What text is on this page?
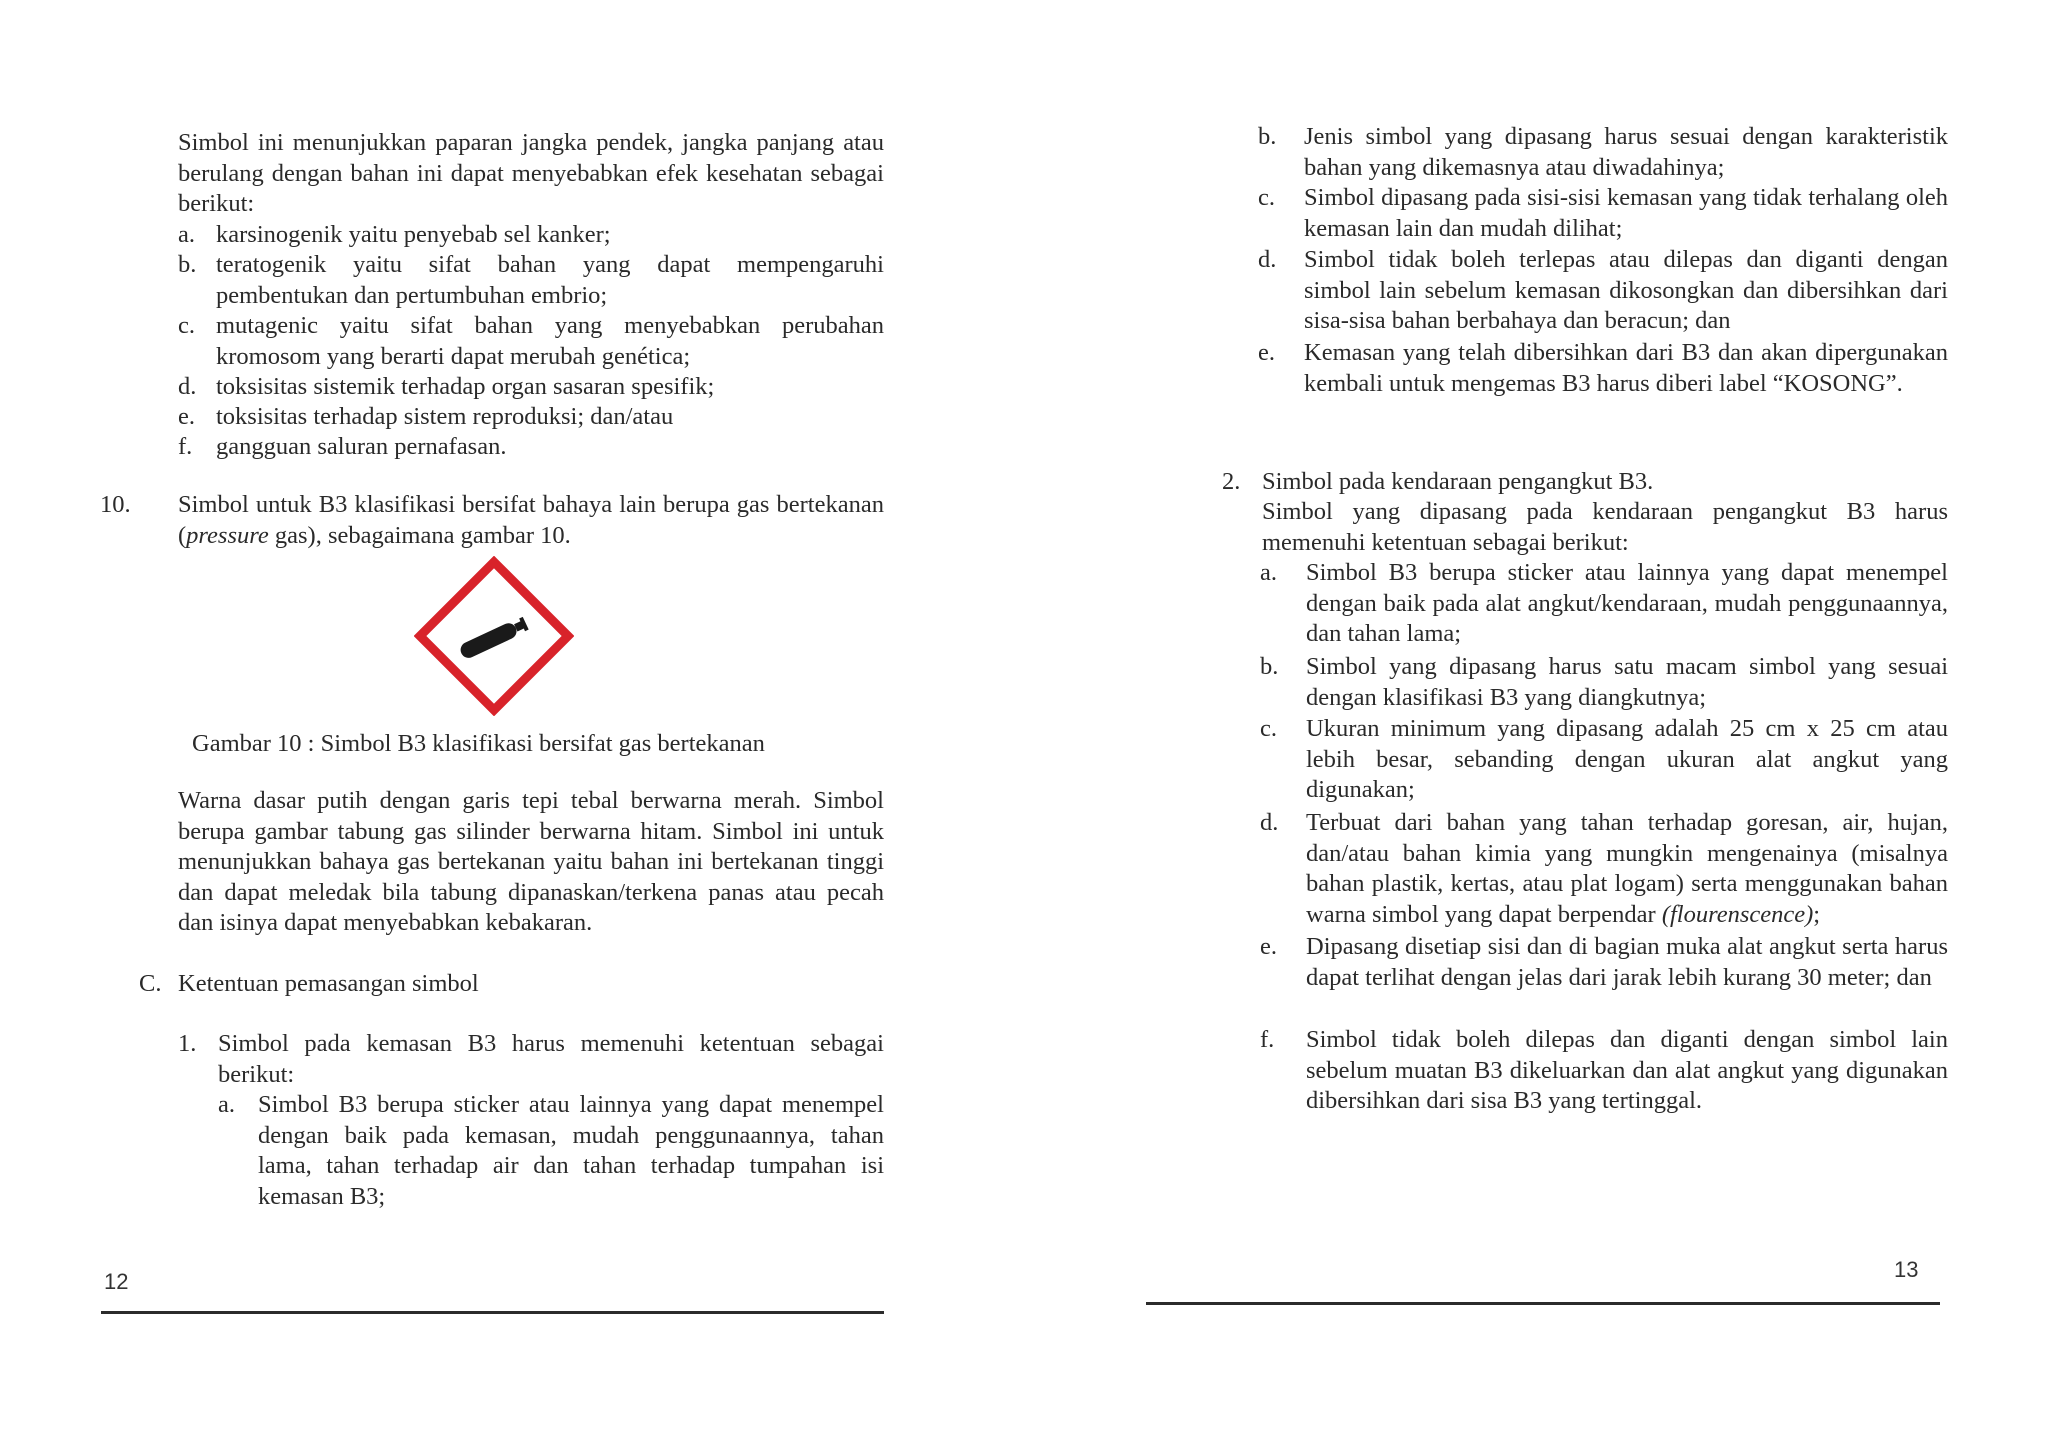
Simbol ini menunjukkan paparan jangka pendek, jangka panjang atau berulang dengan bahan ini dapat menyebabkan efek kesehatan sebagai berikut:
a. karsinogenik yaitu penyebab sel kanker;
b. teratogenik yaitu sifat bahan yang dapat mempengaruhi pembentukan dan pertumbuhan embrio;
c. mutagenic yaitu sifat bahan yang menyebabkan perubahan kromosom yang berarti dapat merubah genética;
d. toksisitas sistemik terhadap organ sasaran spesifik;
e. toksisitas terhadap sistem reproduksi; dan/atau
f. gangguan saluran pernafasan.
10. Simbol untuk B3 klasifikasi bersifat bahaya lain berupa gas bertekanan (pressure gas), sebagaimana gambar 10.
Gambar 10 : Simbol B3 klasifikasi bersifat gas bertekanan
Warna dasar putih dengan garis tepi tebal berwarna merah. Simbol berupa gambar tabung gas silinder berwarna hitam. Simbol ini untuk menunjukkan bahaya gas bertekanan yaitu bahan ini bertekanan tinggi dan dapat meledak bila tabung dipanaskan/terkena panas atau pecah dan isinya dapat menyebabkan kebakaran.
C. Ketentuan pemasangan simbol
1. Simbol pada kemasan B3 harus memenuhi ketentuan sebagai berikut:
a. Simbol B3 berupa sticker atau lainnya yang dapat menempel dengan baik pada kemasan, mudah penggunaannya, tahan lama, tahan terhadap air dan tahan terhadap tumpahan isi kemasan B3;
12
b. Jenis simbol yang dipasang harus sesuai dengan karakteristik bahan yang dikemasnya atau diwadahinya;
c. Simbol dipasang pada sisi-sisi kemasan yang tidak terhalang oleh kemasan lain dan mudah dilihat;
d. Simbol tidak boleh terlepas atau dilepas dan diganti dengan simbol lain sebelum kemasan dikosongkan dan dibersihkan dari sisa-sisa bahan berbahaya dan beracun; dan
e. Kemasan yang telah dibersihkan dari B3 dan akan dipergunakan kembali untuk mengemas B3 harus diberi label “KOSONG”.
2. Simbol pada kendaraan pengangkut B3.
Simbol yang dipasang pada kendaraan pengangkut B3 harus memenuhi ketentuan sebagai berikut:
a. Simbol B3 berupa sticker atau lainnya yang dapat menempel dengan baik pada alat angkut/kendaraan, mudah penggunaannya, dan tahan lama;
b. Simbol yang dipasang harus satu macam simbol yang sesuai dengan klasifikasi B3 yang diangkutnya;
c. Ukuran minimum yang dipasang adalah 25 cm x 25 cm atau lebih besar, sebanding dengan ukuran alat angkut yang digunakan;
d. Terbuat dari bahan yang tahan terhadap goresan, air, hujan, dan/atau bahan kimia yang mungkin mengenainya (misalnya bahan plastik, kertas, atau plat logam) serta menggunakan bahan warna simbol yang dapat berpendar (flourenscence);
e. Dipasang disetiap sisi dan di bagian muka alat angkut serta harus dapat terlihat dengan jelas dari jarak lebih kurang 30 meter; dan
f. Simbol tidak boleh dilepas dan diganti dengan simbol lain sebelum muatan B3 dikeluarkan dan alat angkut yang digunakan dibersihkan dari sisa B3 yang tertinggal.
13
